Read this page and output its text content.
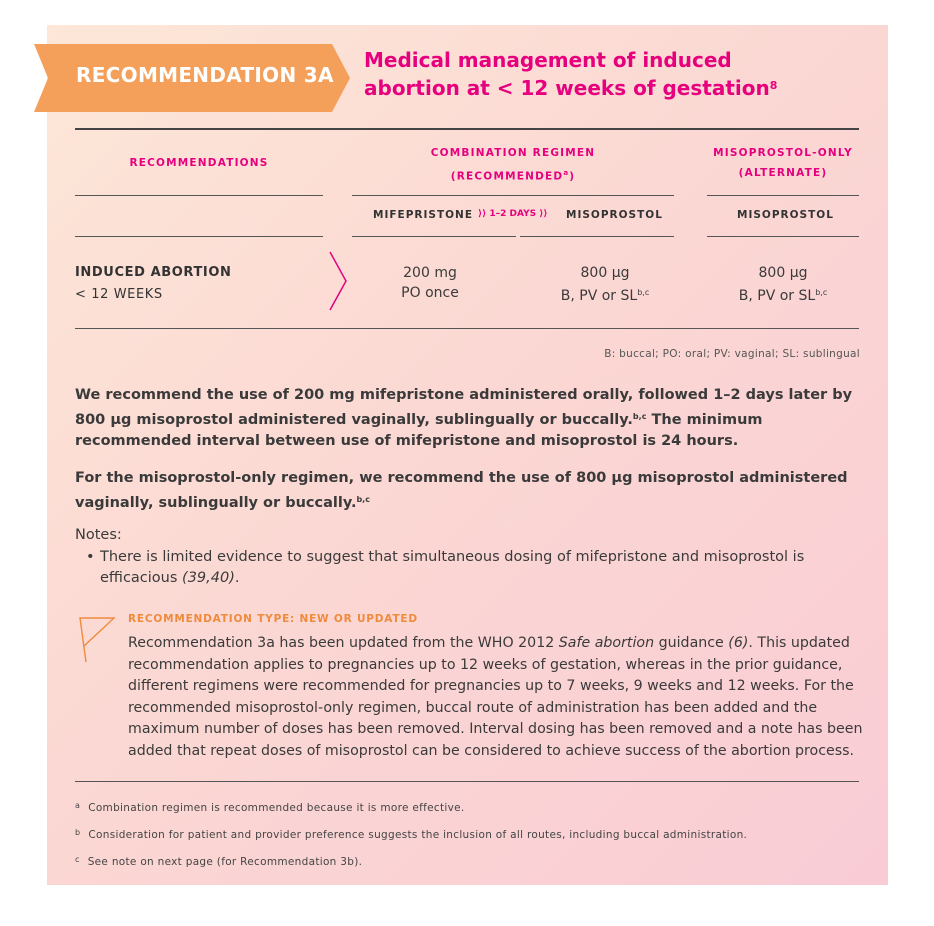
RECOMMENDATION 3A
Medical management of induced
abortion at < 12 weeks of gestation$^8$
RECOMMENDATIONS
COMBINATION REGIMEN
(RECOMMENDED$^a$)
MISOPROSTOL-ONLY
(ALTERNATE)
MIFEPRISTONE ⟩⟩ 1–2 DAYS ⟩⟩ MISOPROSTOL	MISOPROSTOL
INDUCED ABORTION
< 12 WEEKS
200 mg
PO once
800 µg
B, PV or SL$^{b,c}$
800 µg
B, PV or SL$^{b,c}$
B: buccal; PO: oral; PV: vaginal; SL: sublingual
We recommend the use of 200 mg mifepristone administered orally, followed 1–2 days later by 800 µg misoprostol administered vaginally, sublingually or buccally.$^{b,c}$ The minimum recommended interval between use of mifepristone and misoprostol is 24 hours.
For the misoprostol-only regimen, we recommend the use of 800 µg misoprostol administered vaginally, sublingually or buccally.$^{b,c}$
Notes:
• There is limited evidence to suggest that simultaneous dosing of mifepristone and misoprostol is efficacious (39,40).
RECOMMENDATION TYPE: NEW OR UPDATED
Recommendation 3a has been updated from the WHO 2012 Safe abortion guidance (6). This updated recommendation applies to pregnancies up to 12 weeks of gestation, whereas in the prior guidance, different regimens were recommended for pregnancies up to 7 weeks, 9 weeks and 12 weeks. For the recommended misoprostol-only regimen, buccal route of administration has been added and the maximum number of doses has been removed. Interval dosing has been removed and a note has been added that repeat doses of misoprostol can be considered to achieve success of the abortion process.
$^a$ Combination regimen is recommended because it is more effective.
$^b$ Consideration for patient and provider preference suggests the inclusion of all routes, including buccal administration.
$^c$ See note on next page (for Recommendation 3b).
